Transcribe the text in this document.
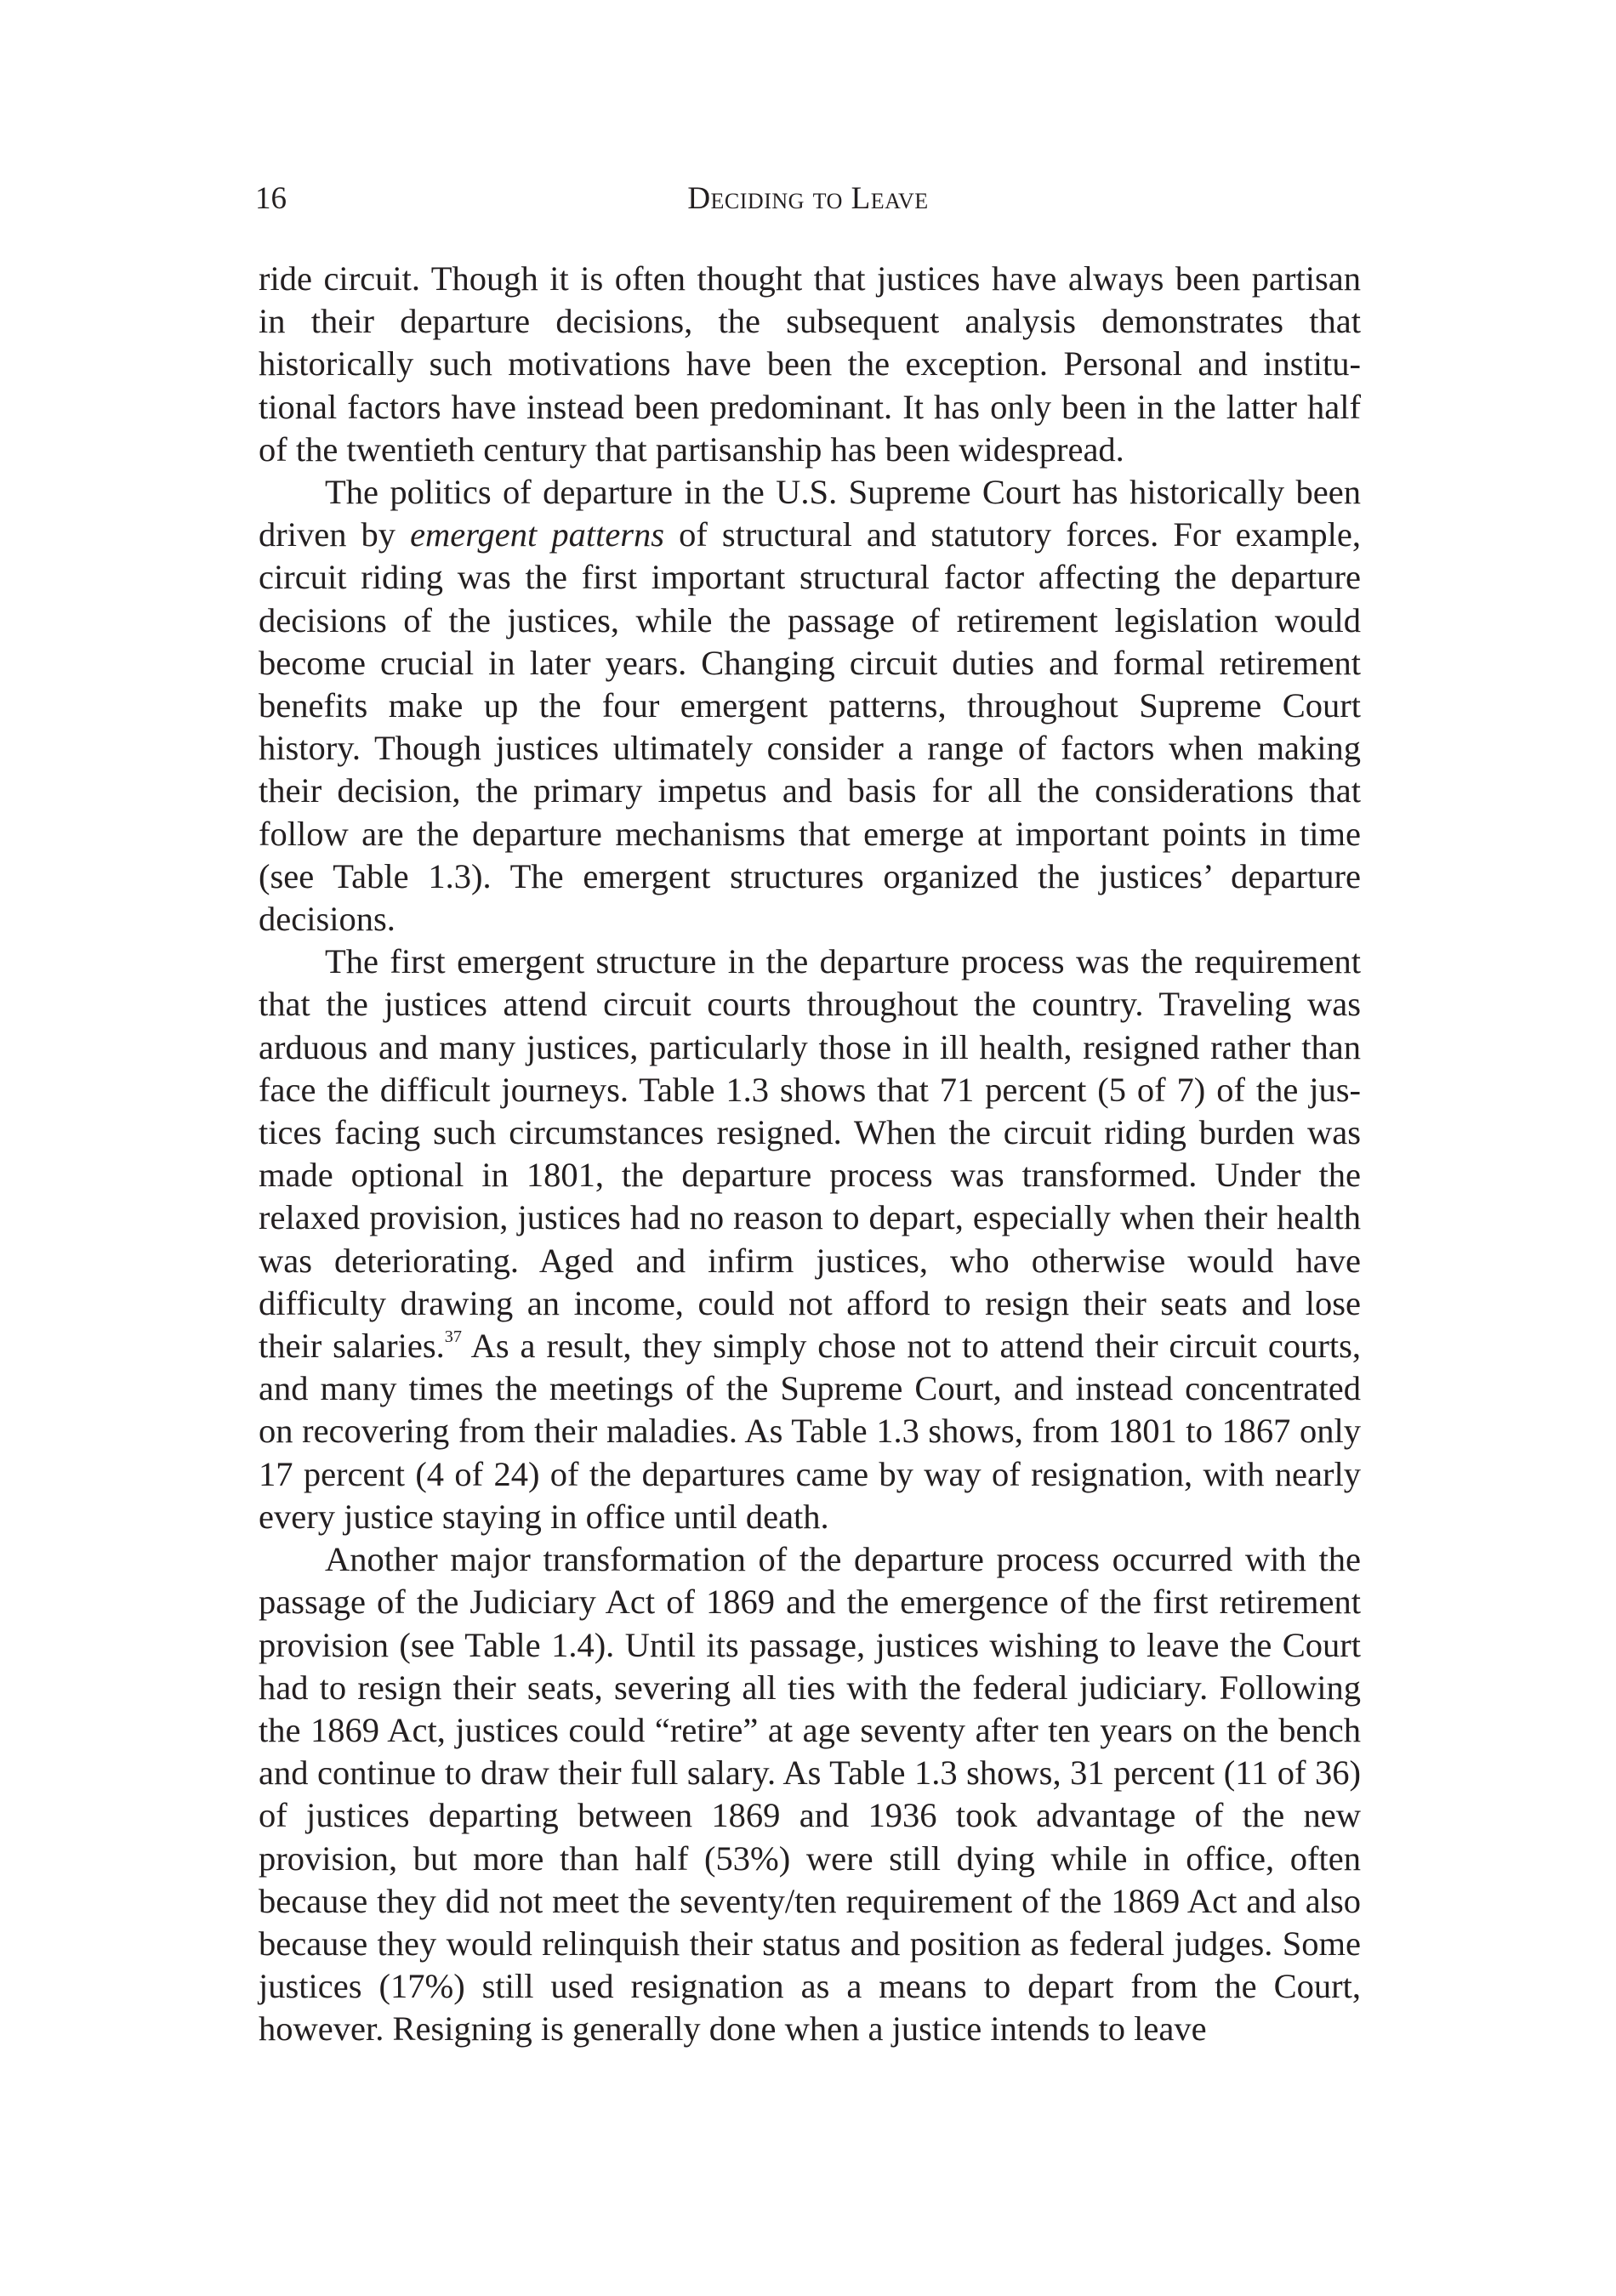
16	Deciding to Leave

ride circuit. Though it is often thought that justices have always been partisan in their departure decisions, the subsequent analysis demonstrates that historically such motivations have been the exception. Personal and institutional factors have instead been predominant. It has only been in the latter half of the twentieth century that partisanship has been widespread.

The politics of departure in the U.S. Supreme Court has historically been driven by emergent patterns of structural and statutory forces. For example, circuit riding was the first important structural factor affecting the departure decisions of the justices, while the passage of retirement legislation would become crucial in later years. Changing circuit duties and formal retirement benefits make up the four emergent patterns, throughout Supreme Court history. Though justices ultimately consider a range of factors when making their decision, the primary impetus and basis for all the considerations that follow are the departure mechanisms that emerge at important points in time (see Table 1.3). The emergent structures organized the justices’ departure decisions.

The first emergent structure in the departure process was the requirement that the justices attend circuit courts throughout the country. Traveling was arduous and many justices, particularly those in ill health, resigned rather than face the difficult journeys. Table 1.3 shows that 71 percent (5 of 7) of the justices facing such circumstances resigned. When the circuit riding burden was made optional in 1801, the departure process was transformed. Under the relaxed provision, justices had no reason to depart, especially when their health was deteriorating. Aged and infirm justices, who otherwise would have difficulty drawing an income, could not afford to resign their seats and lose their salaries.$^{37}$ As a result, they simply chose not to attend their circuit courts, and many times the meetings of the Supreme Court, and instead concentrated on recovering from their maladies. As Table 1.3 shows, from 1801 to 1867 only 17 percent (4 of 24) of the departures came by way of resignation, with nearly every justice staying in office until death.

Another major transformation of the departure process occurred with the passage of the Judiciary Act of 1869 and the emergence of the first retirement provision (see Table 1.4). Until its passage, justices wishing to leave the Court had to resign their seats, severing all ties with the federal judiciary. Following the 1869 Act, justices could “retire” at age seventy after ten years on the bench and continue to draw their full salary. As Table 1.3 shows, 31 percent (11 of 36) of justices departing between 1869 and 1936 took advantage of the new provision, but more than half (53%) were still dying while in office, often because they did not meet the seventy/ten requirement of the 1869 Act and also because they would relinquish their status and position as federal judges. Some justices (17%) still used resignation as a means to depart from the Court, however. Resigning is generally done when a justice intends to leave
